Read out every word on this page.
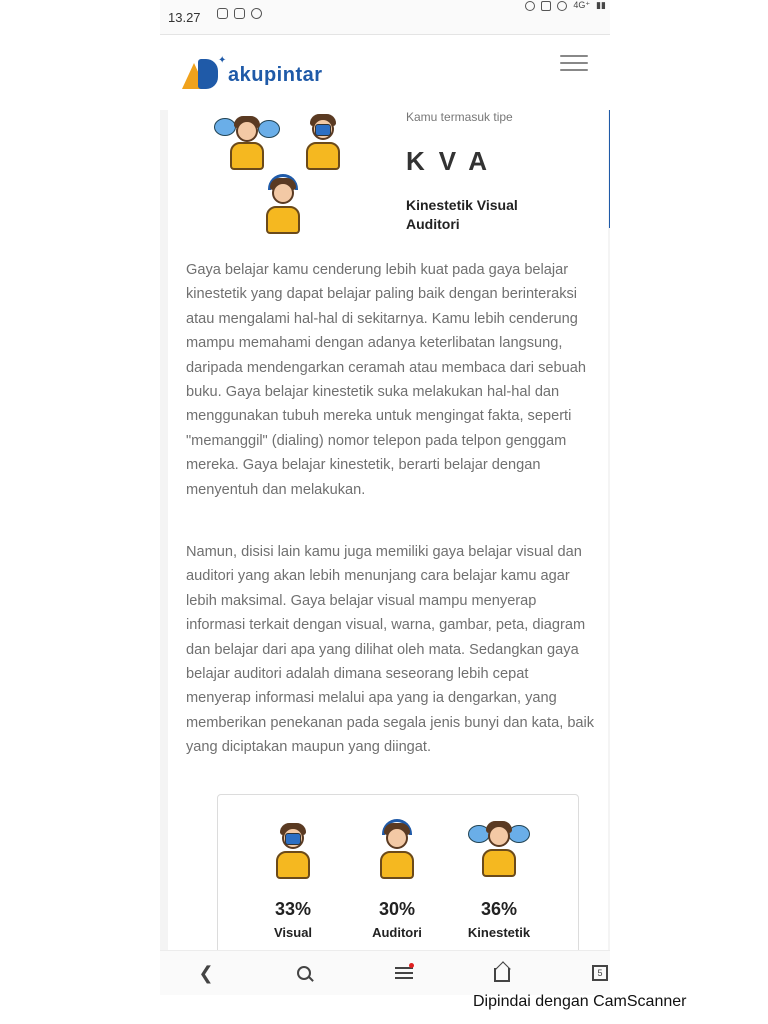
13.27
4G⁺ ▮▮
✦
akupintar
Kamu termasuk tipe
KVA
Kinestetik Visual Auditori

Gaya belajar kamu cenderung lebih kuat pada gaya belajar kinestetik yang dapat belajar paling baik dengan berinteraksi atau mengalami hal-hal di sekitarnya. Kamu lebih cenderung mampu memahami dengan adanya keterlibatan langsung, daripada mendengarkan ceramah atau membaca dari sebuah buku. Gaya belajar kinestetik suka melakukan hal-hal dan menggunakan tubuh mereka untuk mengingat fakta, seperti "memanggil" (dialing) nomor telepon pada telpon genggam mereka. Gaya belajar kinestetik, berarti belajar dengan menyentuh dan melakukan.

Namun, disisi lain kamu juga memiliki gaya belajar visual dan auditori yang akan lebih menunjang cara belajar kamu agar lebih maksimal. Gaya belajar visual mampu menyerap informasi terkait dengan visual, warna, gambar, peta, diagram dan belajar dari apa yang dilihat oleh mata. Sedangkan gaya belajar auditori adalah dimana seseorang lebih cepat menyerap informasi melalui apa yang ia dengarkan, yang memberikan penekanan pada segala jenis bunyi dan kata, baik yang diciptakan maupun yang diingat.

33%
Visual
30%
Auditori
36%
Kinestetik
❮	5
Dipindai dengan CamScanner
